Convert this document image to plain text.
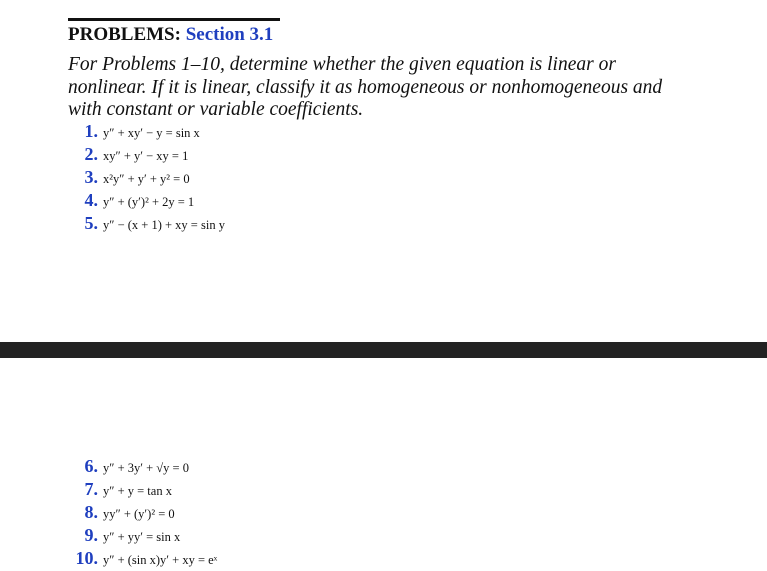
PROBLEMS: Section 3.1
For Problems 1–10, determine whether the given equation is linear or nonlinear. If it is linear, classify it as homogeneous or nonhomogeneous and with constant or variable coefficients.
1. y″ + xy′ − y = sin x
2. xy″ + y′ − xy = 1
3. x²y″ + y′ + y² = 0
4. y″ + (y′)² + 2y = 1
5. y″ − (x + 1) + xy = sin y
6. y″ + 3y′ + √y = 0
7. y″ + y = tan x
8. yy″ + (y′)² = 0
9. y″ + yy′ = sin x
10. y″ + (sin x)y′ + xy = eˣ
